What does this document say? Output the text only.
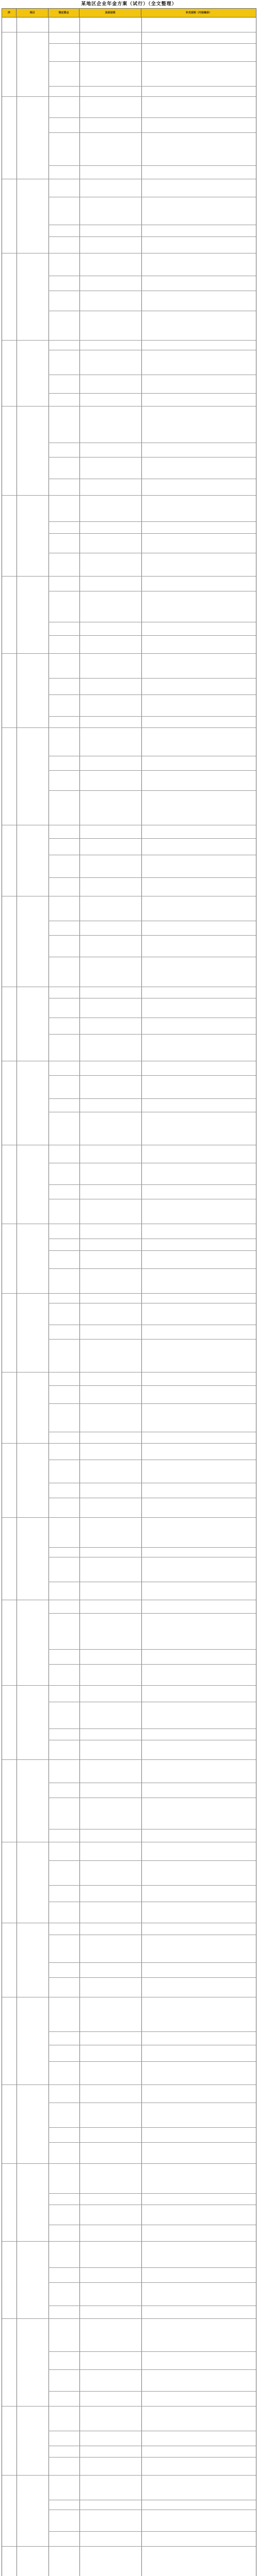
某地区企业年金方案（试行）（全文整理）
序	项目	规定要点	具体说明	补充说明（内容摘录）
